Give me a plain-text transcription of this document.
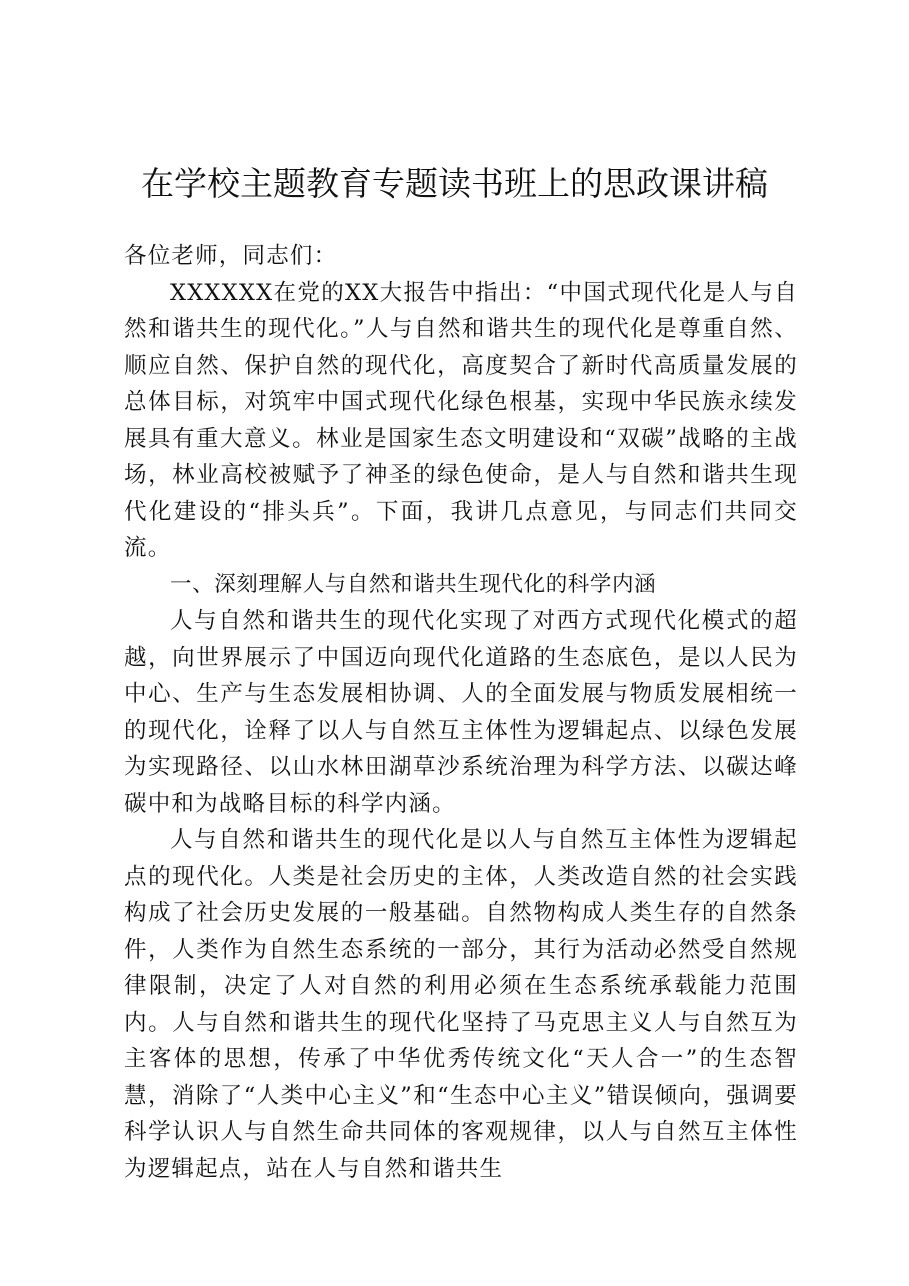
在学校主题教育专题读书班上的思政课讲稿

各位老师，同志们：

XXXXXX在党的XX大报告中指出：“中国式现代化是人与自然和谐共生的现代化。”人与自然和谐共生的现代化是尊重自然、顺应自然、保护自然的现代化，高度契合了新时代高质量发展的总体目标，对筑牢中国式现代化绿色根基，实现中华民族永续发展具有重大意义。林业是国家生态文明建设和“双碳”战略的主战场，林业高校被赋予了神圣的绿色使命，是人与自然和谐共生现代化建设的“排头兵”。下面，我讲几点意见，与同志们共同交流。

一、深刻理解人与自然和谐共生现代化的科学内涵

人与自然和谐共生的现代化实现了对西方式现代化模式的超越，向世界展示了中国迈向现代化道路的生态底色，是以人民为中心、生产与生态发展相协调、人的全面发展与物质发展相统一的现代化，诠释了以人与自然互主体性为逻辑起点、以绿色发展为实现路径、以山水林田湖草沙系统治理为科学方法、以碳达峰碳中和为战略目标的科学内涵。

人与自然和谐共生的现代化是以人与自然互主体性为逻辑起点的现代化。人类是社会历史的主体，人类改造自然的社会实践构成了社会历史发展的一般基础。自然物构成人类生存的自然条件，人类作为自然生态系统的一部分，其行为活动必然受自然规律限制，决定了人对自然的利用必须在生态系统承载能力范围内。人与自然和谐共生的现代化坚持了马克思主义人与自然互为主客体的思想，传承了中华优秀传统文化“天人合一”的生态智慧，消除了“人类中心主义”和“生态中心主义”错误倾向，强调要科学认识人与自然生命共同体的客观规律，以人与自然互主体性为逻辑起点，站在人与自然和谐共生
